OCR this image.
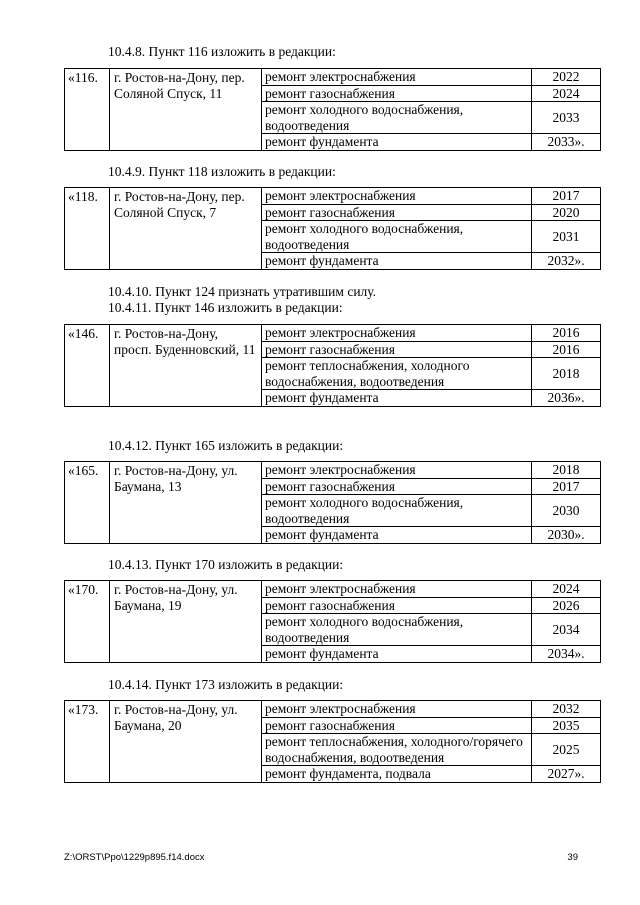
10.4.8. Пункт 116 изложить в редакции:
«116.	г. Ростов-на-Дону, пер. Соляной Спуск, 11	ремонт электроснабжения	2022
		ремонт газоснабжения	2024
		ремонт холодного водоснабжения, водоотведения	2033
		ремонт фундамента	2033».
10.4.9. Пункт 118 изложить в редакции:
«118.	г. Ростов-на-Дону, пер. Соляной Спуск, 7	ремонт электроснабжения	2017
		ремонт газоснабжения	2020
		ремонт холодного водоснабжения, водоотведения	2031
		ремонт фундамента	2032».
10.4.10. Пункт 124 признать утратившим силу.
10.4.11. Пункт 146 изложить в редакции:
«146.	г. Ростов-на-Дону, просп. Буденновский, 11	ремонт электроснабжения	2016
		ремонт газоснабжения	2016
		ремонт теплоснабжения, холодного водоснабжения, водоотведения	2018
		ремонт фундамента	2036».
10.4.12. Пункт 165 изложить в редакции:
«165.	г. Ростов-на-Дону, ул. Баумана, 13	ремонт электроснабжения	2018
		ремонт газоснабжения	2017
		ремонт холодного водоснабжения, водоотведения	2030
		ремонт фундамента	2030».
10.4.13. Пункт 170 изложить в редакции:
«170.	г. Ростов-на-Дону, ул. Баумана, 19	ремонт электроснабжения	2024
		ремонт газоснабжения	2026
		ремонт холодного водоснабжения, водоотведения	2034
		ремонт фундамента	2034».
10.4.14. Пункт 173 изложить в редакции:
«173.	г. Ростов-на-Дону, ул. Баумана, 20	ремонт электроснабжения	2032
		ремонт газоснабжения	2035
		ремонт теплоснабжения, холодного/горячего водоснабжения, водоотведения	2025
		ремонт фундамента, подвала	2027».
Z:\ORST\Ppo\1229p895.f14.docx	39
